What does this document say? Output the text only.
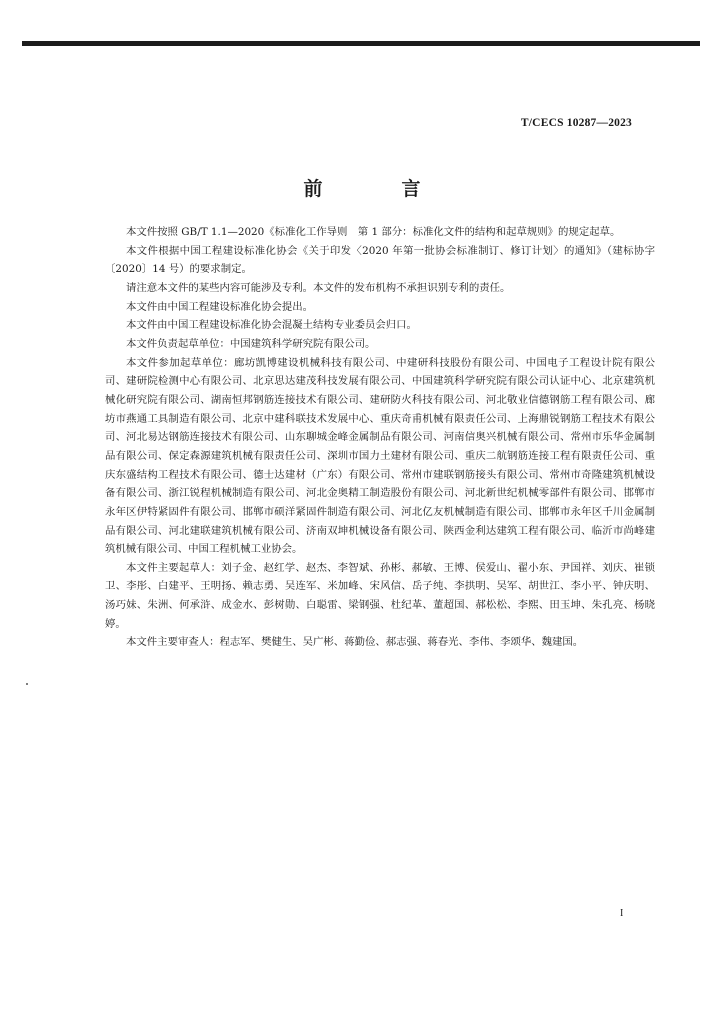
T/CECS 10287—2023
前　言

本文件按照 GB/T 1.1—2020《标准化工作导则　第 1 部分：标准化文件的结构和起草规则》的规定起草。

本文件根据中国工程建设标准化协会《关于印发〈2020 年第一批协会标准制订、修订计划〉的通知》（建标协字〔2020〕14 号）的要求制定。

请注意本文件的某些内容可能涉及专利。本文件的发布机构不承担识别专利的责任。

本文件由中国工程建设标准化协会提出。

本文件由中国工程建设标准化协会混凝土结构专业委员会归口。

本文件负责起草单位：中国建筑科学研究院有限公司。

本文件参加起草单位：廊坊凯博建设机械科技有限公司、中建研科技股份有限公司、中国电子工程设计院有限公司、建研院检测中心有限公司、北京思达建茂科技发展有限公司、中国建筑科学研究院有限公司认证中心、北京建筑机械化研究院有限公司、湖南恒邦钢筋连接技术有限公司、建研防火科技有限公司、河北敬业信德钢筋工程有限公司、廊坊市燕通工具制造有限公司、北京中建科联技术发展中心、重庆奇甫机械有限责任公司、上海鼎锐钢筋工程技术有限公司、河北易达钢筋连接技术有限公司、山东聊城金峰金属制品有限公司、河南信奥兴机械有限公司、常州市乐华金属制品有限公司、保定森源建筑机械有限责任公司、深圳市国力土建材有限公司、重庆二航钢筋连接工程有限责任公司、重庆东盛结构工程技术有限公司、德士达建材（广东）有限公司、常州市建联钢筋接头有限公司、常州市奇隆建筑机械设备有限公司、浙江锐程机械制造有限公司、河北金奥精工制造股份有限公司、河北新世纪机械零部件有限公司、邯郸市永年区伊特紧固件有限公司、邯郸市硕洋紧固件制造有限公司、河北亿友机械制造有限公司、邯郸市永年区千川金属制品有限公司、河北建联建筑机械有限公司、济南双坤机械设备有限公司、陕西金利达建筑工程有限公司、临沂市尚峰建筑机械有限公司、中国工程机械工业协会。

本文件主要起草人：刘子金、赵红学、赵杰、李智斌、孙彬、郝敏、王博、侯爱山、翟小东、尹国祥、刘庆、崔锁卫、李彤、白建平、王明扬、赖志勇、吴连军、米加峰、宋风信、岳子纯、李拱明、吴军、胡世江、李小平、钟庆明、汤巧妹、朱洲、何承浒、成金水、彭树勋、白聪雷、梁钢强、杜纪革、董超国、郝松松、李熙、田玉坤、朱孔亮、杨晓婷。

本文件主要审查人：程志军、樊健生、吴广彬、蒋勤俭、郝志强、蒋春光、李伟、李颂华、魏建国。

I
